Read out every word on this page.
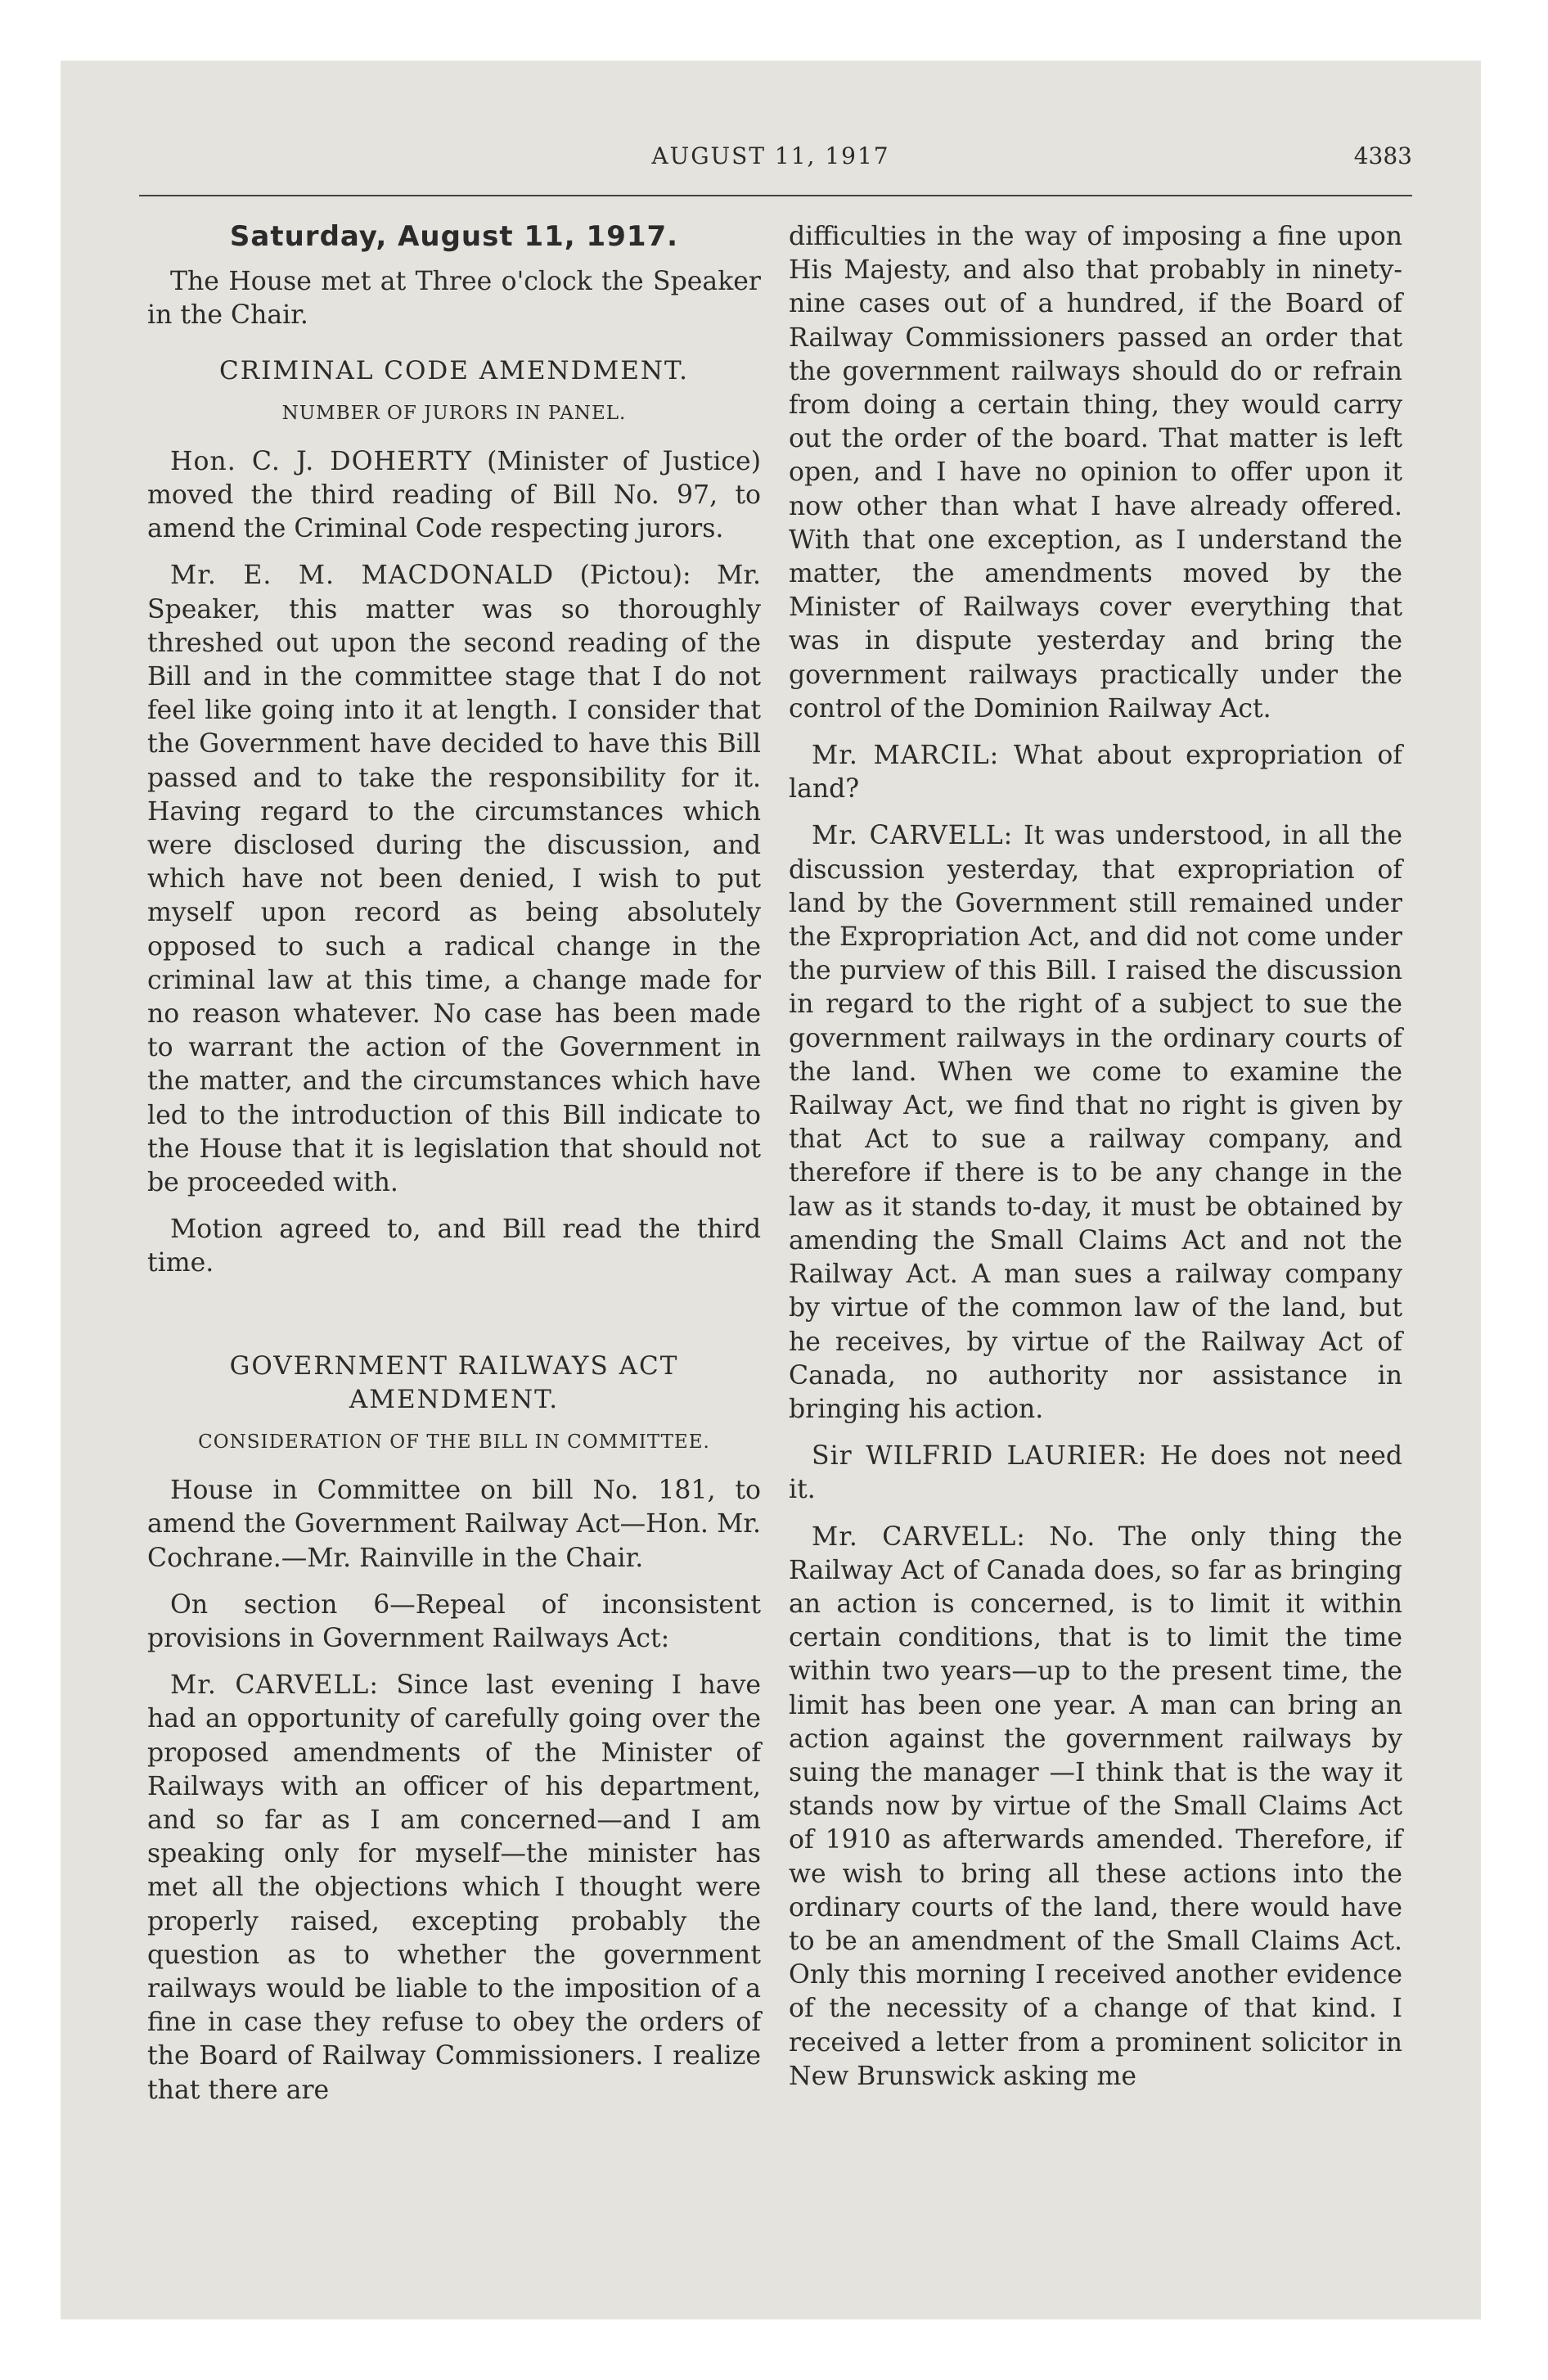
AUGUST 11, 1917	4383
Saturday, August 11, 1917.

The House met at Three o'clock the Speaker in the Chair.

CRIMINAL CODE AMENDMENT.
NUMBER OF JURORS IN PANEL.

Hon. C. J. DOHERTY (Minister of Justice) moved the third reading of Bill No. 97, to amend the Criminal Code respecting jurors.

Mr. E. M. MACDONALD (Pictou): Mr. Speaker, this matter was so thoroughly threshed out upon the second reading of the Bill and in the committee stage that I do not feel like going into it at length. I consider that the Government have decided to have this Bill passed and to take the responsibility for it. Having regard to the circumstances which were disclosed during the discussion, and which have not been denied, I wish to put myself upon record as being absolutely opposed to such a radical change in the criminal law at this time, a change made for no reason whatever. No case has been made to warrant the action of the Government in the matter, and the circumstances which have led to the introduction of this Bill indicate to the House that it is legislation that should not be proceeded with.

Motion agreed to, and Bill read the third time.

GOVERNMENT RAILWAYS ACT AMENDMENT.
CONSIDERATION OF THE BILL IN COMMITTEE.

House in Committee on bill No. 181, to amend the Government Railway Act—Hon. Mr. Cochrane.—Mr. Rainville in the Chair.

On section 6—Repeal of inconsistent provisions in Government Railways Act:

Mr. CARVELL: Since last evening I have had an opportunity of carefully going over the proposed amendments of the Minister of Railways with an officer of his department, and so far as I am concerned—and I am speaking only for myself—the minister has met all the objections which I thought were properly raised, excepting probably the question as to whether the government railways would be liable to the imposition of a fine in case they refuse to obey the orders of the Board of Railway Commissioners. I realize that there are

difficulties in the way of imposing a fine upon His Majesty, and also that probably in ninety-nine cases out of a hundred, if the Board of Railway Commissioners passed an order that the government railways should do or refrain from doing a certain thing, they would carry out the order of the board. That matter is left open, and I have no opinion to offer upon it now other than what I have already offered. With that one exception, as I understand the matter, the amendments moved by the Minister of Railways cover everything that was in dispute yesterday and bring the government railways practically under the control of the Dominion Railway Act.

Mr. MARCIL: What about expropriation of land?

Mr. CARVELL: It was understood, in all the discussion yesterday, that expropriation of land by the Government still remained under the Expropriation Act, and did not come under the purview of this Bill. I raised the discussion in regard to the right of a subject to sue the government railways in the ordinary courts of the land. When we come to examine the Railway Act, we find that no right is given by that Act to sue a railway company, and therefore if there is to be any change in the law as it stands to-day, it must be obtained by amending the Small Claims Act and not the Railway Act. A man sues a railway company by virtue of the common law of the land, but he receives, by virtue of the Railway Act of Canada, no authority nor assistance in bringing his action.

Sir WILFRID LAURIER: He does not need it.

Mr. CARVELL: No. The only thing the Railway Act of Canada does, so far as bringing an action is concerned, is to limit it within certain conditions, that is to limit the time within two years—up to the present time, the limit has been one year. A man can bring an action against the government railways by suing the manager —I think that is the way it stands now by virtue of the Small Claims Act of 1910 as afterwards amended. Therefore, if we wish to bring all these actions into the ordinary courts of the land, there would have to be an amendment of the Small Claims Act. Only this morning I received another evidence of the necessity of a change of that kind. I received a letter from a prominent solicitor in New Brunswick asking me
